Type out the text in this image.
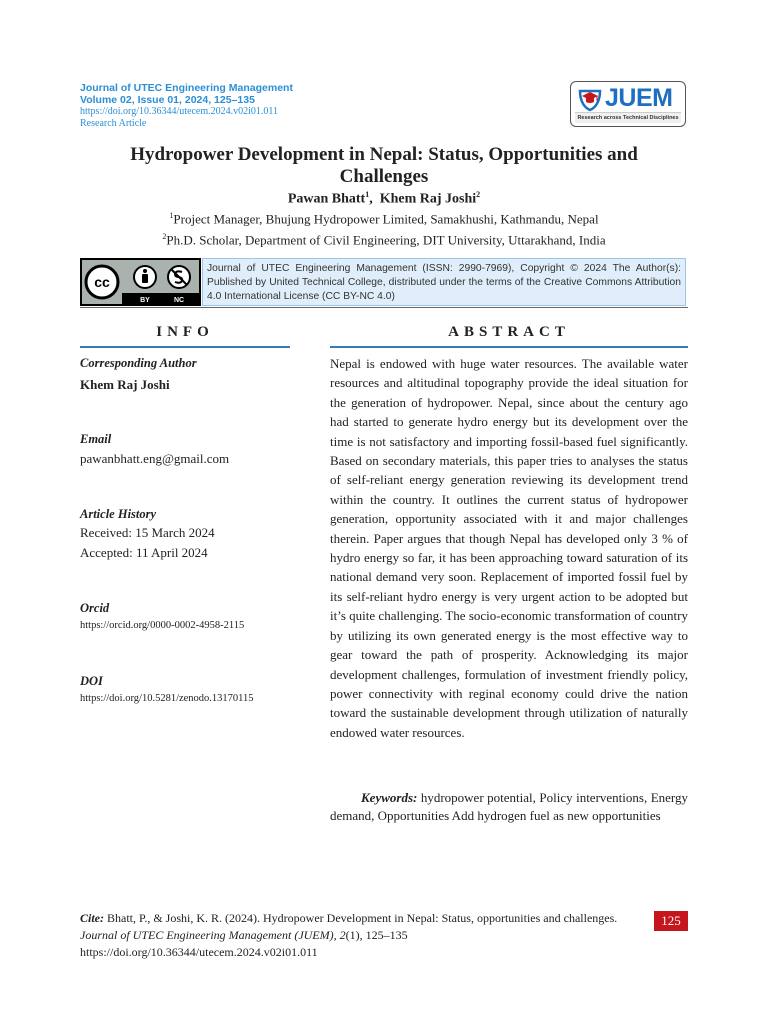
Journal of UTEC Engineering Management
Volume 02, Issue 01, 2024, 125–135
https://doi.org/10.36344/utecem.2024.v02i01.011
Research Article
JUEM
Research across Technical Disciplines
Hydropower Development in Nepal: Status, Opportunities and
Challenges
Pawan Bhatt$^1$,  Khem Raj Joshi$^2$
$^1$Project Manager, Bhujung Hydropower Limited, Samakhushi, Kathmandu, Nepal
$^2$Ph.D. Scholar, Department of Civil Engineering, DIT University, Uttarakhand, India
cc
BY	NC
Journal of UTEC Engineering Management (ISSN: 2990-7969), Copyright © 2024 The Author(s): Published by United Technical College, distributed under the terms of the Creative Commons Attribution 4.0 International License (CC BY-NC 4.0)
INFO	ABSTRACT
Corresponding Author
Khem Raj Joshi
Email
pawanbhatt.eng@gmail.com
Article History
Received: 15 March 2024
Accepted: 11 April 2024
Orcid
https://orcid.org/0000-0002-4958-2115
DOI
https://doi.org/10.5281/zenodo.13170115

Nepal is endowed with huge water resources. The available water resources and altitudinal topography provide the ideal situation for the generation of hydropower. Nepal, since about the century ago had started to generate hydro energy but its development over the time is not satisfactory and importing fossil-based fuel significantly. Based on secondary materials, this paper tries to analyses the status of self-reliant energy generation reviewing its development trend within the country. It outlines the current status of hydropower generation, opportunity associated with it and major challenges therein. Paper argues that though Nepal has developed only 3 % of hydro energy so far, it has been approaching toward saturation of its national demand very soon. Replacement of imported fossil fuel by its self-reliant hydro energy is very urgent action to be adopted but it’s quite challenging. The socio-economic transformation of country by utilizing its own generated energy is the most effective way to gear toward the path of prosperity. Acknowledging its major development challenges, formulation of investment friendly policy, power connectivity with reginal economy could drive the nation toward the sustainable development through utilization of naturally endowed water resources.

Keywords: hydropower potential, Policy interventions, Energy demand, Opportunities Add hydrogen fuel as new opportunities

Cite: Bhatt, P., & Joshi, K. R. (2024). Hydropower Development in Nepal: Status, opportunities and challenges. Journal of UTEC Engineering Management (JUEM), 2(1), 125–135 https://doi.org/10.36344/utecem.2024.v02i01.011
125
